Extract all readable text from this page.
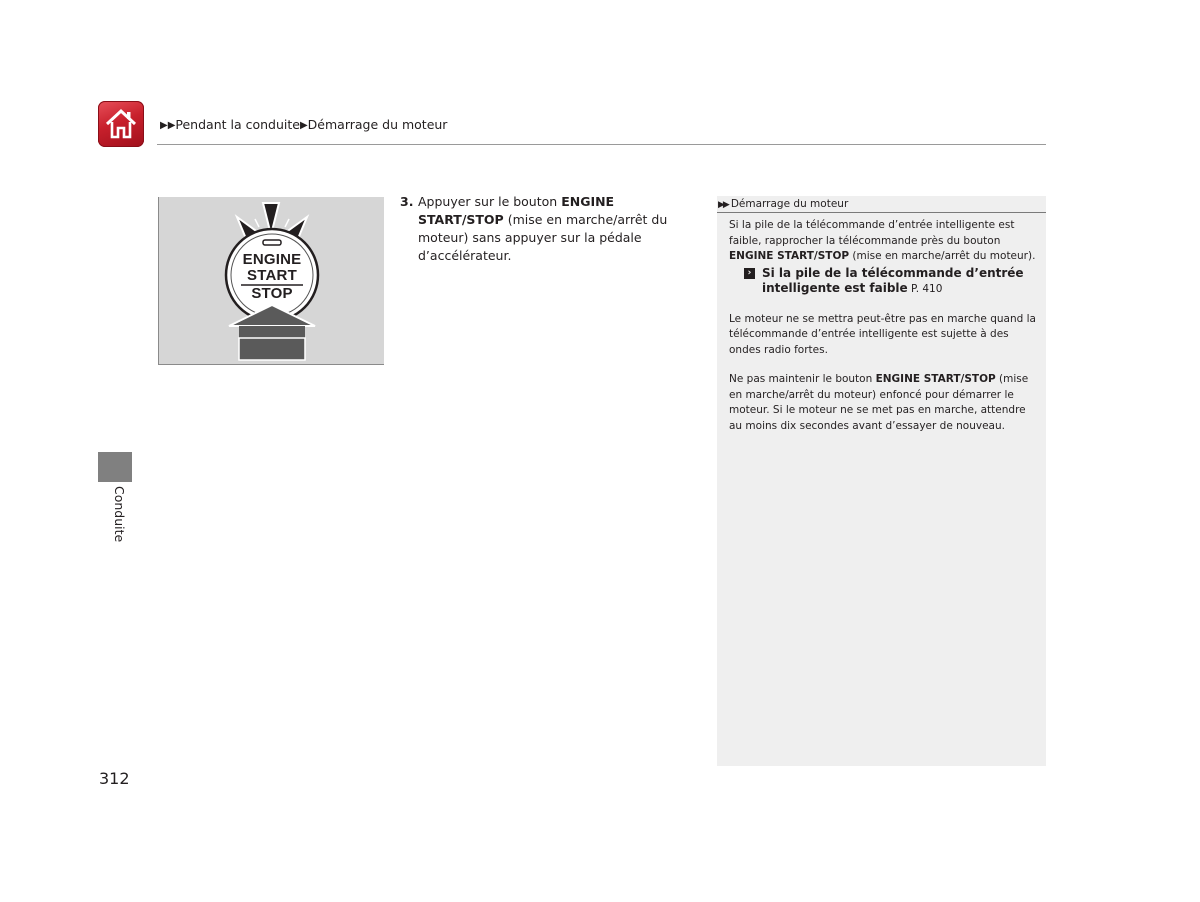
▶▶Pendant la conduite▶Démarrage du moteur
ENGINE
START
STOP
3. Appuyer sur le bouton ENGINE START/STOP (mise en marche/arrêt du moteur) sans appuyer sur la pédale d’accélérateur.
▶▶ Démarrage du moteur

Si la pile de la télécommande d’entrée intelligente est faible, rapprocher la télécommande près du bouton ENGINE START/STOP (mise en marche/arrêt du moteur).

› Si la pile de la télécommande d’entrée intelligente est faible P. 410

Le moteur ne se mettra peut-être pas en marche quand la télécommande d’entrée intelligente est sujette à des ondes radio fortes.

Ne pas maintenir le bouton ENGINE START/STOP (mise en marche/arrêt du moteur) enfoncé pour démarrer le moteur. Si le moteur ne se met pas en marche, attendre au moins dix secondes avant d’essayer de nouveau.

Conduite
312
